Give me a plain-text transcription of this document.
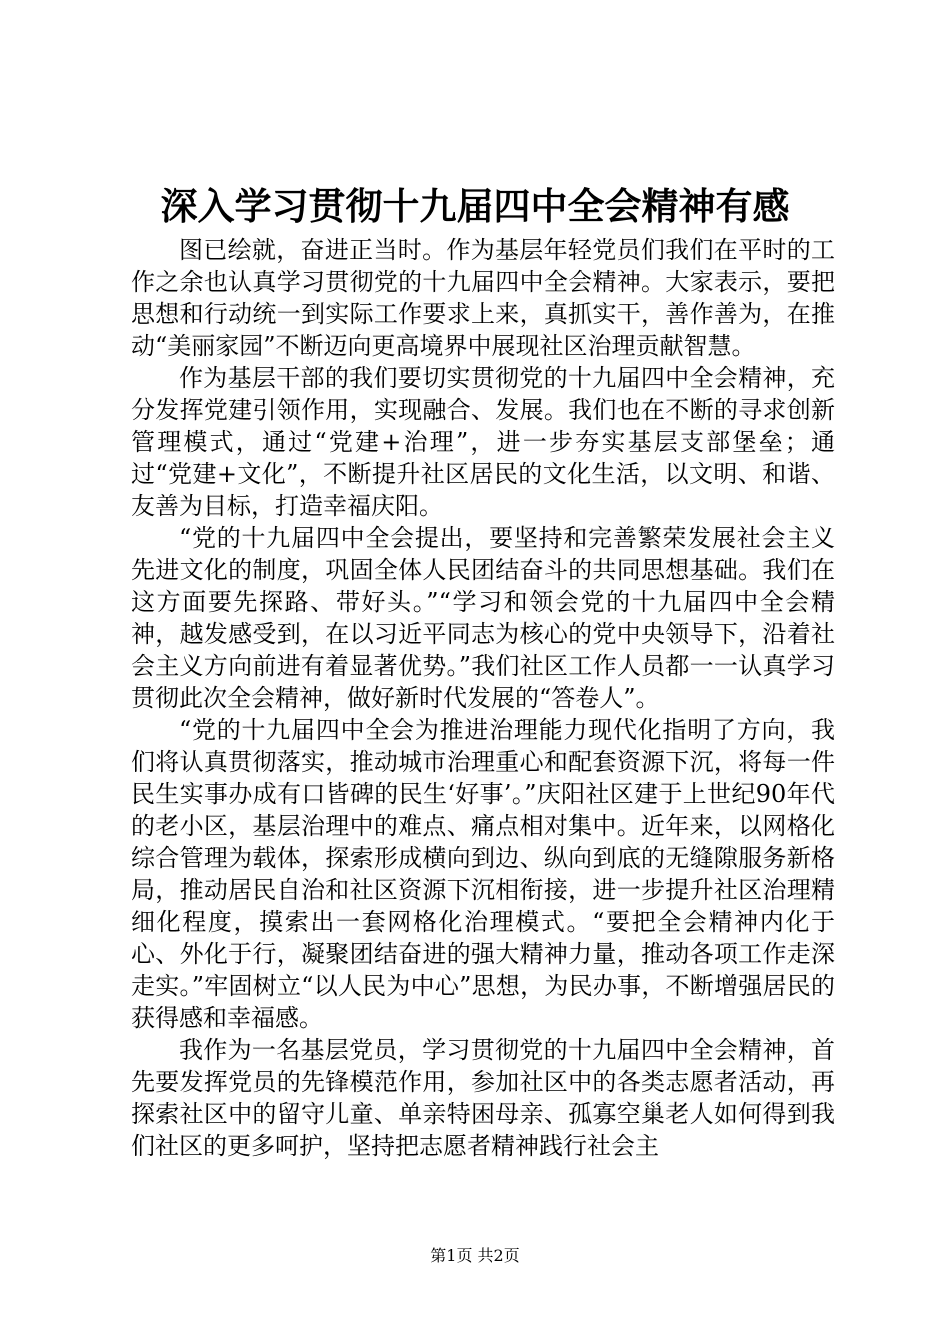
深入学习贯彻十九届四中全会精神有感

图已绘就，奋进正当时。作为基层年轻党员们我们在平时的工作之余也认真学习贯彻党的十九届四中全会精神。大家表示，要把思想和行动统一到实际工作要求上来，真抓实干，善作善为，在推动“美丽家园”不断迈向更高境界中展现社区治理贡献智慧。

作为基层干部的我们要切实贯彻党的十九届四中全会精神，充分发挥党建引领作用，实现融合、发展。我们也在不断的寻求创新管理模式，通过“党建+治理”，进一步夯实基层支部堡垒；通过“党建+文化”，不断提升社区居民的文化生活，以文明、和谐、友善为目标，打造幸福庆阳。

“党的十九届四中全会提出，要坚持和完善繁荣发展社会主义先进文化的制度，巩固全体人民团结奋斗的共同思想基础。我们在这方面要先探路、带好头。”“学习和领会党的十九届四中全会精神，越发感受到，在以习近平同志为核心的党中央领导下，沿着社会主义方向前进有着显著优势。”我们社区工作人员都一一认真学习贯彻此次全会精神，做好新时代发展的“答卷人”。

“党的十九届四中全会为推进治理能力现代化指明了方向，我们将认真贯彻落实，推动城市治理重心和配套资源下沉，将每一件民生实事办成有口皆碑的民生‘好事’。”庆阳社区建于上世纪90年代的老小区，基层治理中的难点、痛点相对集中。近年来，以网格化综合管理为载体，探索形成横向到边、纵向到底的无缝隙服务新格局，推动居民自治和社区资源下沉相衔接，进一步提升社区治理精细化程度，摸索出一套网格化治理模式。“要把全会精神内化于心、外化于行，凝聚团结奋进的强大精神力量，推动各项工作走深走实。”牢固树立“以人民为中心”思想，为民办事，不断增强居民的获得感和幸福感。

我作为一名基层党员，学习贯彻党的十九届四中全会精神，首先要发挥党员的先锋模范作用，参加社区中的各类志愿者活动，再探索社区中的留守儿童、单亲特困母亲、孤寡空巢老人如何得到我们社区的更多呵护，坚持把志愿者精神践行社会主

第1页 共2页
